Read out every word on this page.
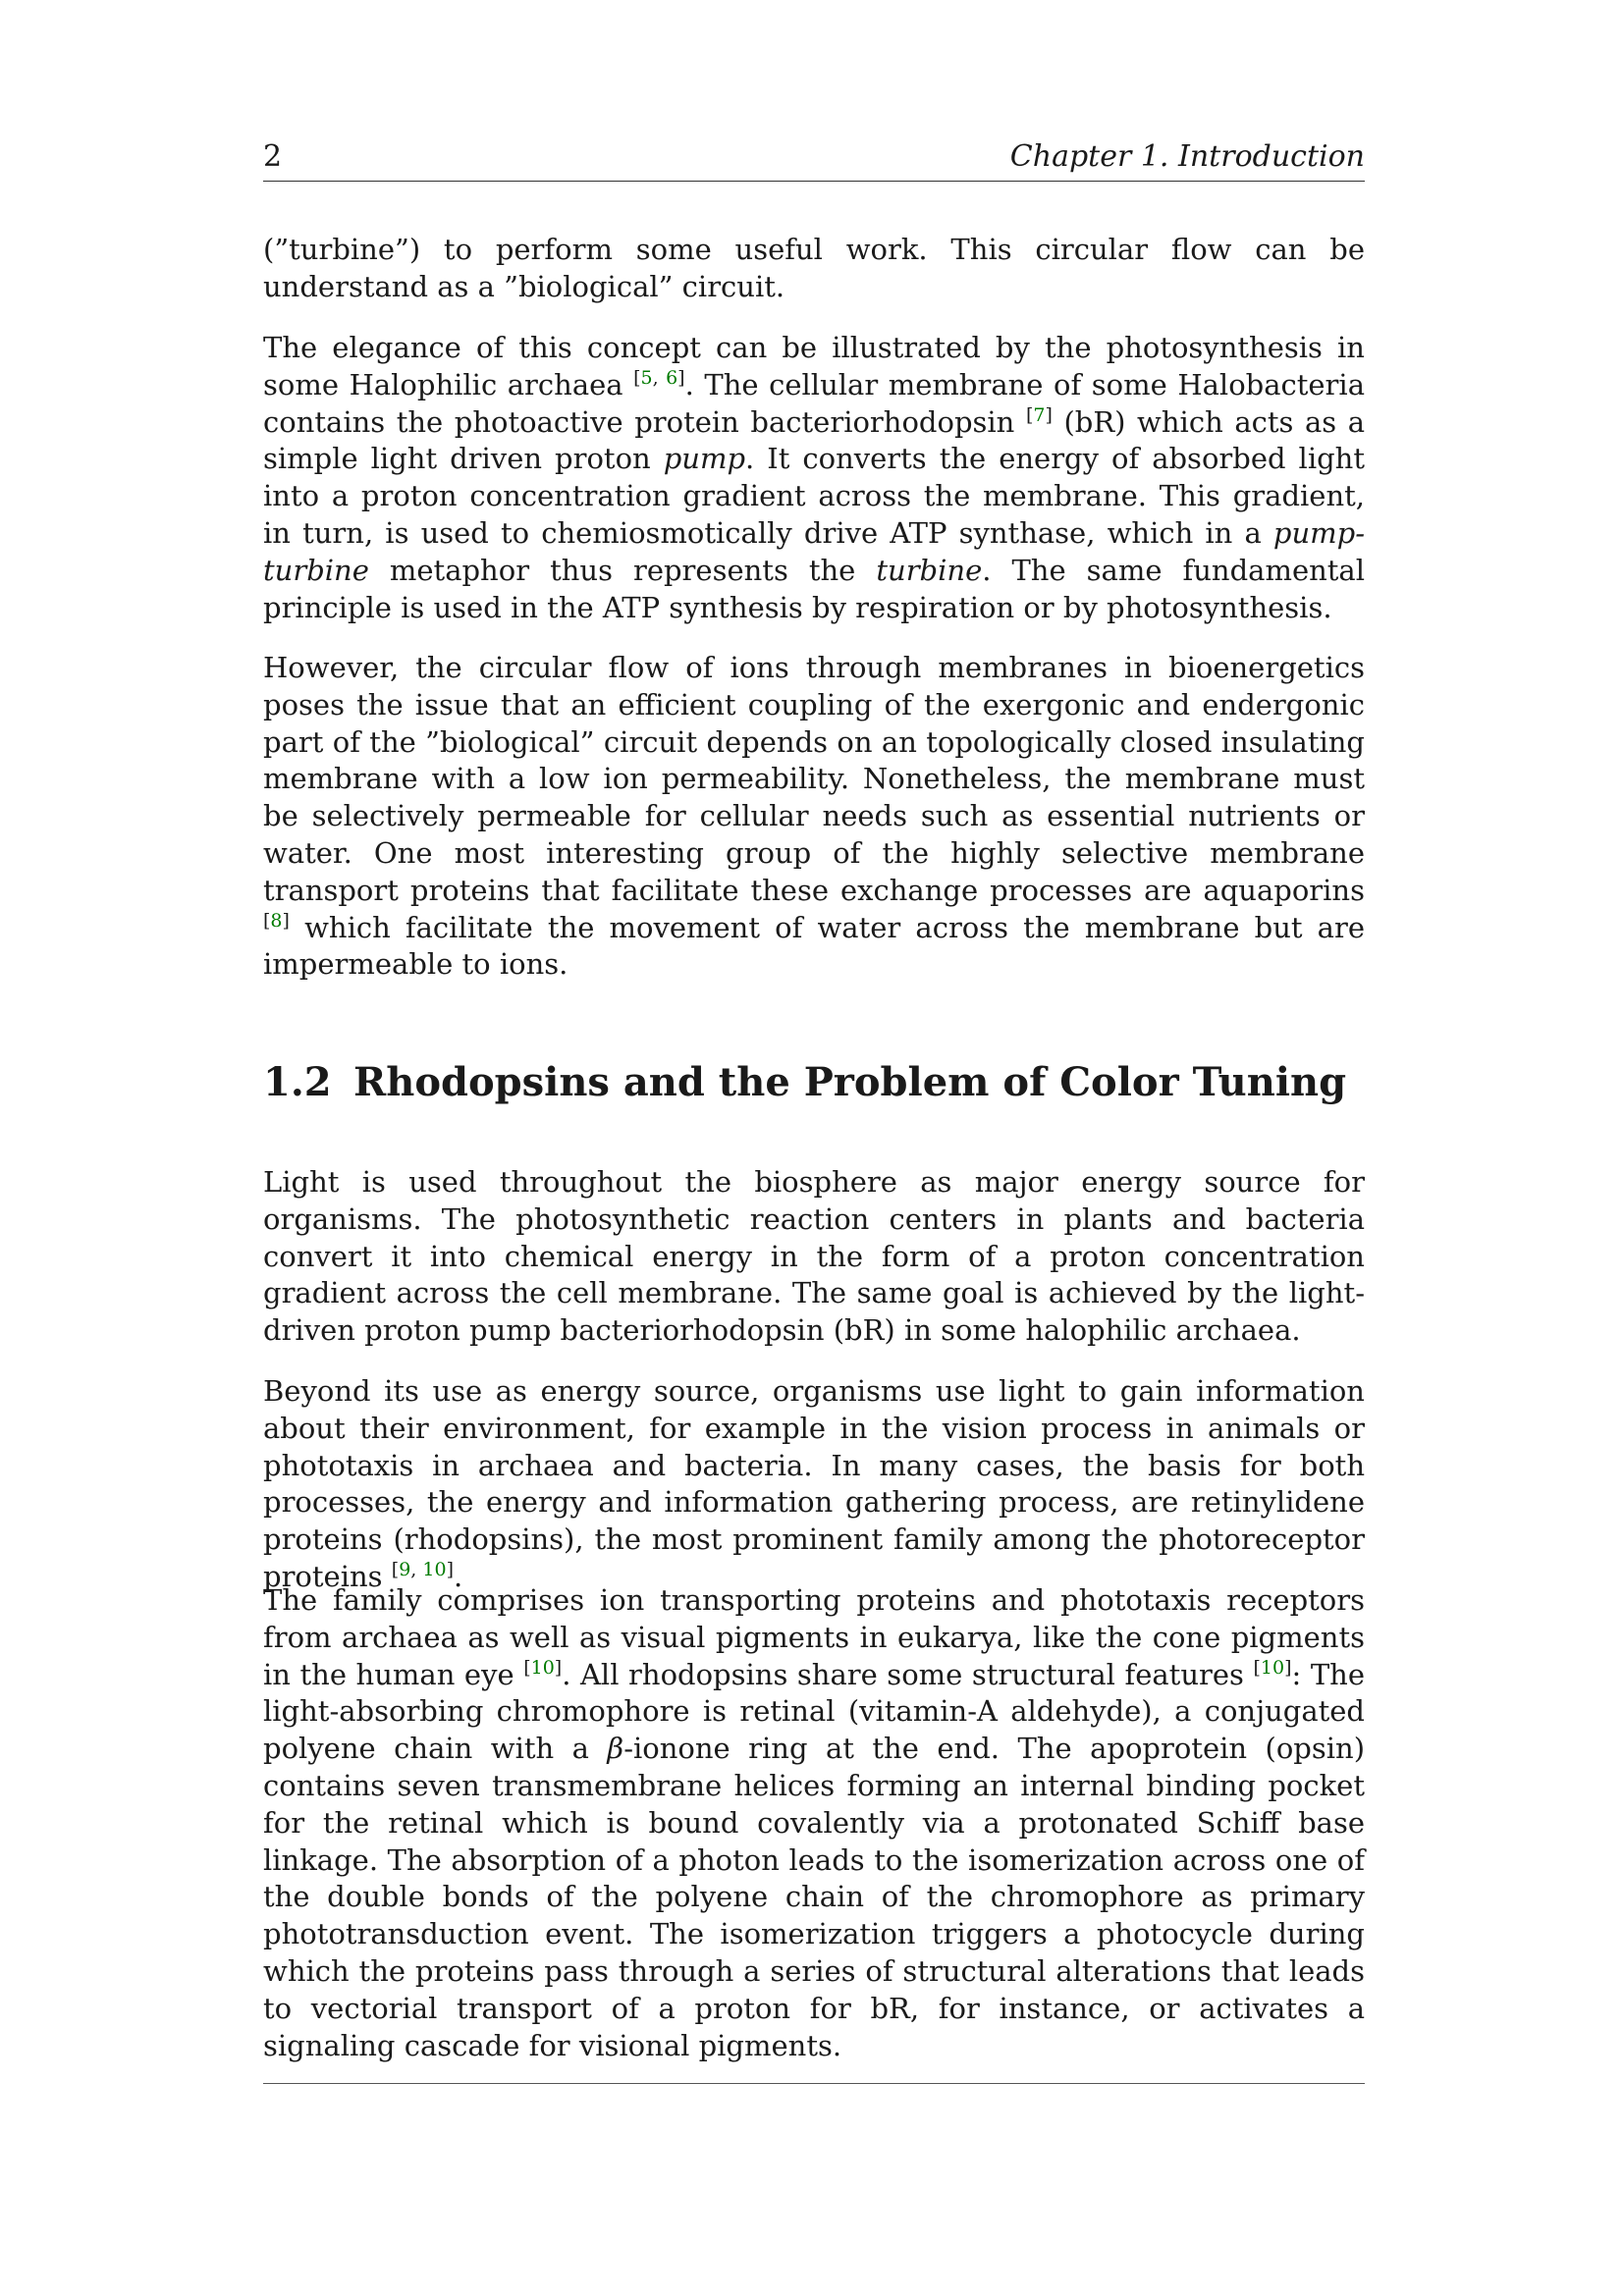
2	Chapter 1. Introduction

(”turbine”) to perform some useful work. This circular flow can be understand as a ”biological” circuit.

The elegance of this concept can be illustrated by the photosynthesis in some Halophilic archaea [5, 6]. The cellular membrane of some Halobacteria contains the photoactive protein bacteriorhodopsin [7] (bR) which acts as a simple light driven proton pump. It converts the energy of absorbed light into a proton concentration gradient across the membrane. This gradient, in turn, is used to chemiosmotically drive ATP synthase, which in a pump-turbine metaphor thus represents the turbine. The same fundamental principle is used in the ATP synthesis by respiration or by photosynthesis.

However, the circular flow of ions through membranes in bioenergetics poses the issue that an efficient coupling of the exergonic and endergonic part of the ”biological” circuit depends on an topologically closed insulating membrane with a low ion permeability. Nonetheless, the membrane must be selectively permeable for cellular needs such as essential nutrients or water. One most interesting group of the highly selective membrane transport proteins that facilitate these exchange processes are aquaporins [8] which facilitate the movement of water across the membrane but are impermeable to ions.

1.2 Rhodopsins and the Problem of Color Tuning

Light is used throughout the biosphere as major energy source for organisms. The photosynthetic reaction centers in plants and bacteria convert it into chemical energy in the form of a proton concentration gradient across the cell membrane. The same goal is achieved by the light-driven proton pump bacteriorhodopsin (bR) in some halophilic archaea.

Beyond its use as energy source, organisms use light to gain information about their environment, for example in the vision process in animals or phototaxis in archaea and bacteria. In many cases, the basis for both processes, the energy and information gathering process, are retinylidene proteins (rhodopsins), the most prominent family among the photoreceptor proteins [9, 10].

The family comprises ion transporting proteins and phototaxis receptors from archaea as well as visual pigments in eukarya, like the cone pigments in the human eye [10]. All rhodopsins share some structural features [10]: The light-absorbing chromophore is retinal (vitamin-A aldehyde), a conjugated polyene chain with a β-ionone ring at the end. The apoprotein (opsin) contains seven transmembrane helices forming an internal binding pocket for the retinal which is bound covalently via a protonated Schiff base linkage. The absorption of a photon leads to the isomerization across one of the double bonds of the polyene chain of the chromophore as primary phototransduction event. The isomerization triggers a photocycle during which the proteins pass through a series of structural alterations that leads to vectorial transport of a proton for bR, for instance, or activates a signaling cascade for visional pigments.
